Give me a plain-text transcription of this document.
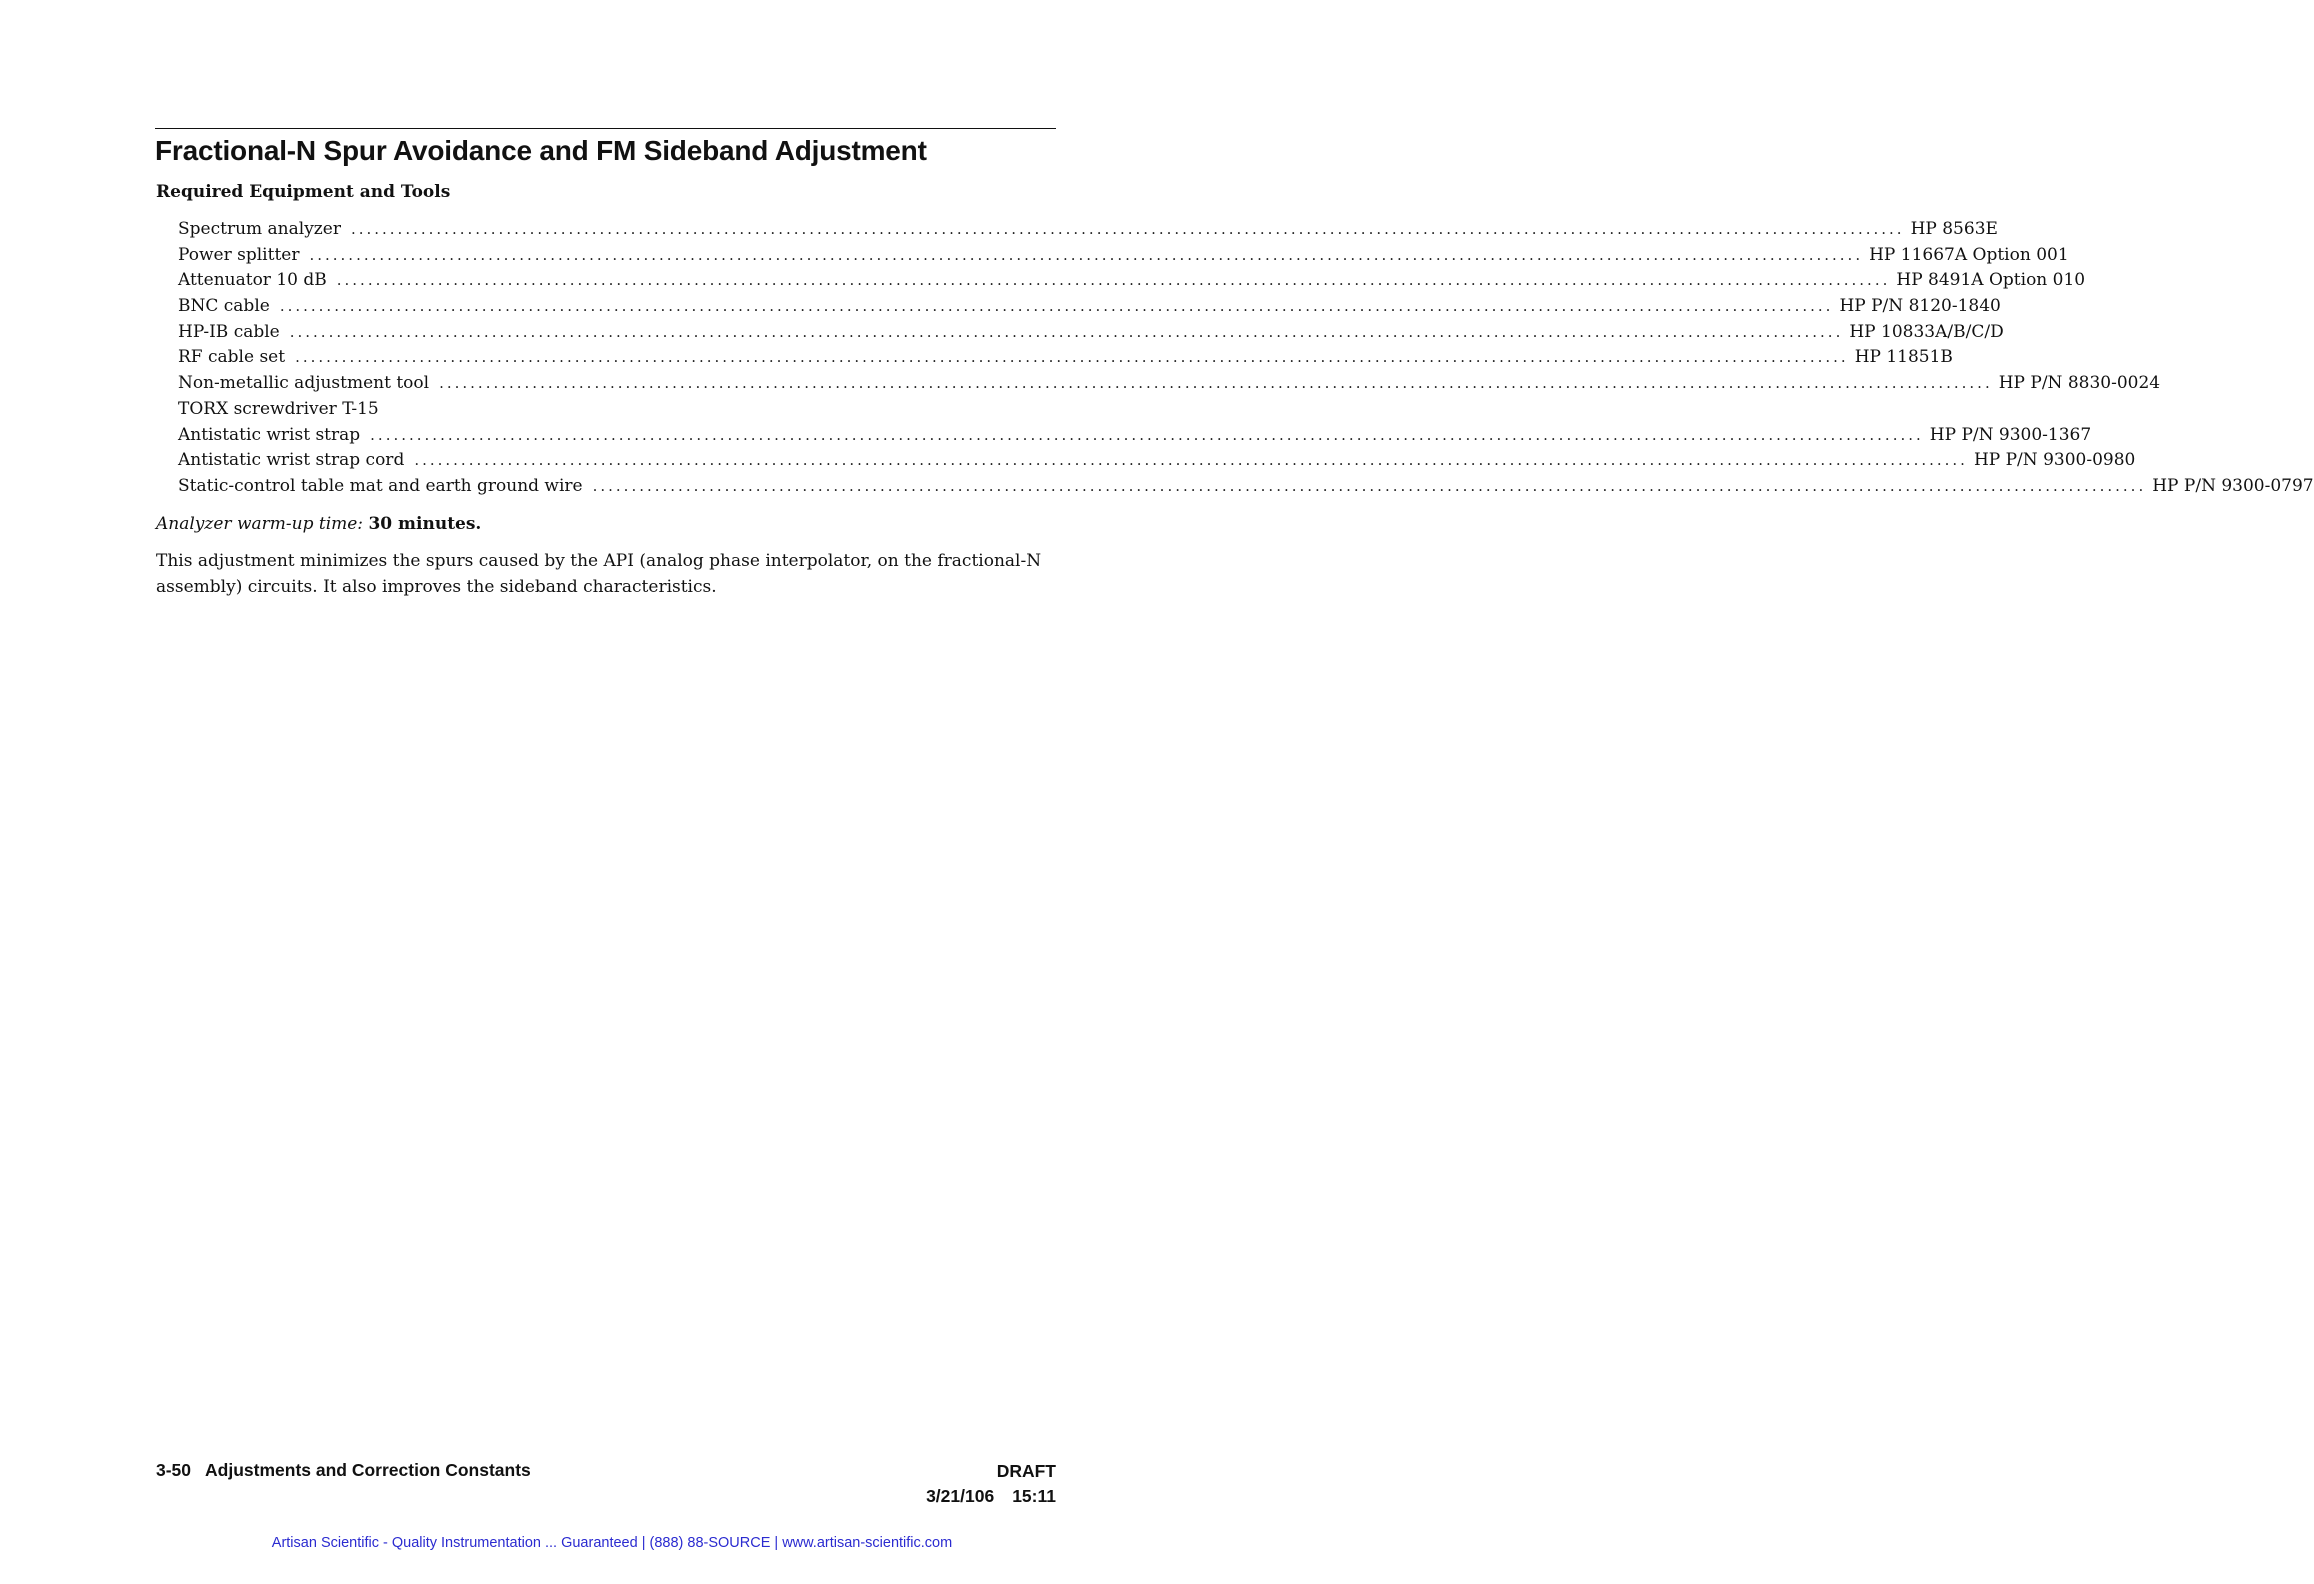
Fractional-N Spur Avoidance and FM Sideband Adjustment
Required Equipment and Tools
Spectrum analyzer ........................................................................................................................................................................................................ HP 8563E
Power splitter ........................................................................................................................................................................................................ HP 11667A Option 001
Attenuator 10 dB ........................................................................................................................................................................................................ HP 8491A Option 010
BNC cable ........................................................................................................................................................................................................ HP P/N 8120-1840
HP-IB cable ........................................................................................................................................................................................................ HP 10833A/B/C/D
RF cable set ........................................................................................................................................................................................................ HP 11851B
Non-metallic adjustment tool ........................................................................................................................................................................................................ HP P/N 8830-0024
TORX screwdriver T-15
Antistatic wrist strap ........................................................................................................................................................................................................ HP P/N 9300-1367
Antistatic wrist strap cord ........................................................................................................................................................................................................ HP P/N 9300-0980
Static-control table mat and earth ground wire ........................................................................................................................................................................................................ HP P/N 9300-0797
Analyzer warm-up time: 30 minutes.

This adjustment minimizes the spurs caused by the API (analog phase interpolator, on the fractional-N assembly) circuits. It also improves the sideband characteristics.

3-50 Adjustments and Correction Constants	DRAFT
3/21/106 15:11
Artisan Scientific - Quality Instrumentation ... Guaranteed | (888) 88-SOURCE | www.artisan-scientific.com
